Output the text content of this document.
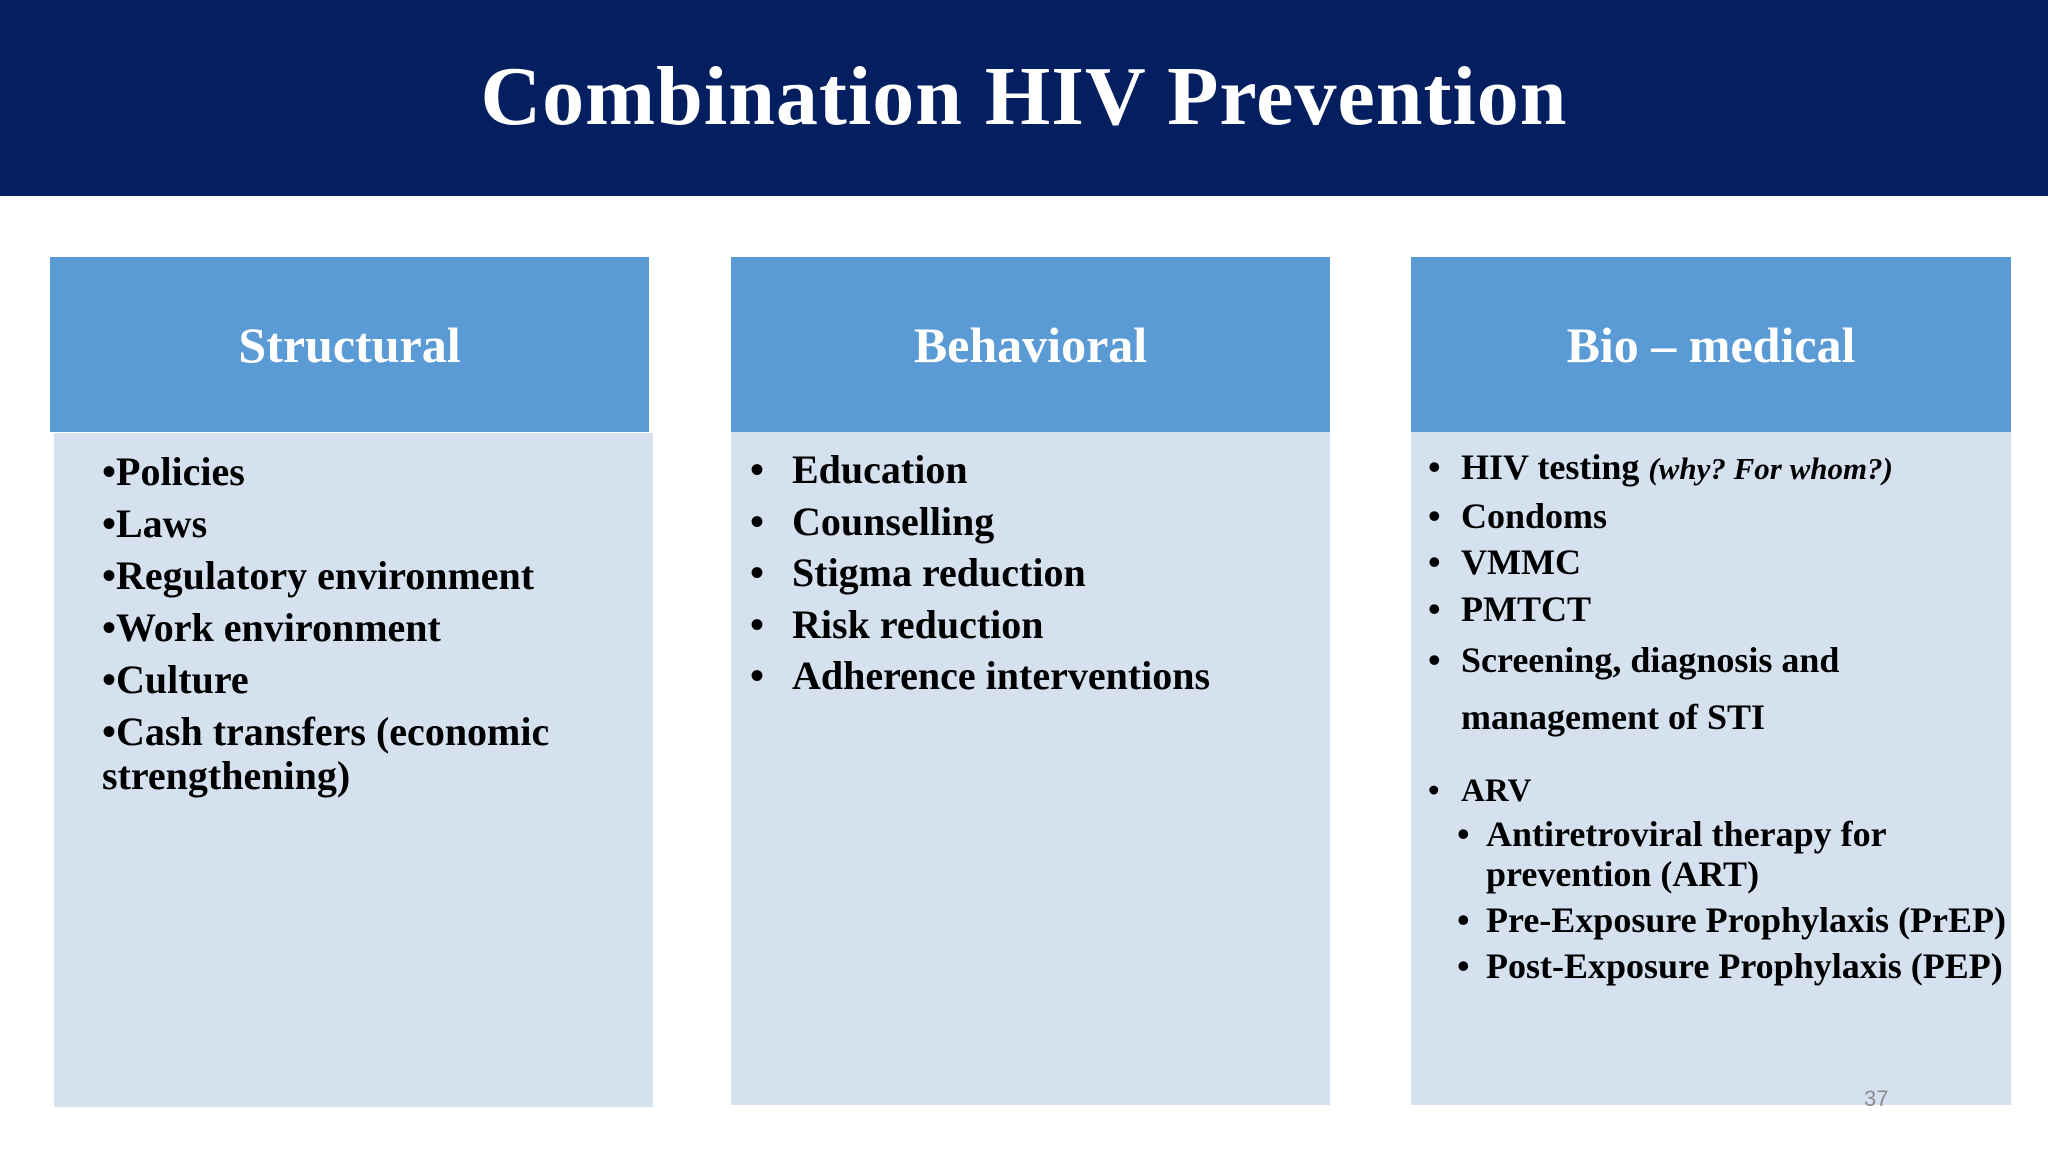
Combination HIV Prevention
Structural	Behavioral	Bio – medical
•Policies
•Laws
•Regulatory environment
•Work environment
•Culture
•Cash transfers (economic strengthening)
• Education
• Counselling
• Stigma reduction
• Risk reduction
• Adherence interventions
• HIV testing (why? For whom?)
• Condoms
• VMMC
• PMTCT
• Screening, diagnosis and management of STI
• ARV
• Antiretroviral therapy for prevention (ART)
• Pre-Exposure Prophylaxis (PrEP)
• Post-Exposure Prophylaxis (PEP)
37
